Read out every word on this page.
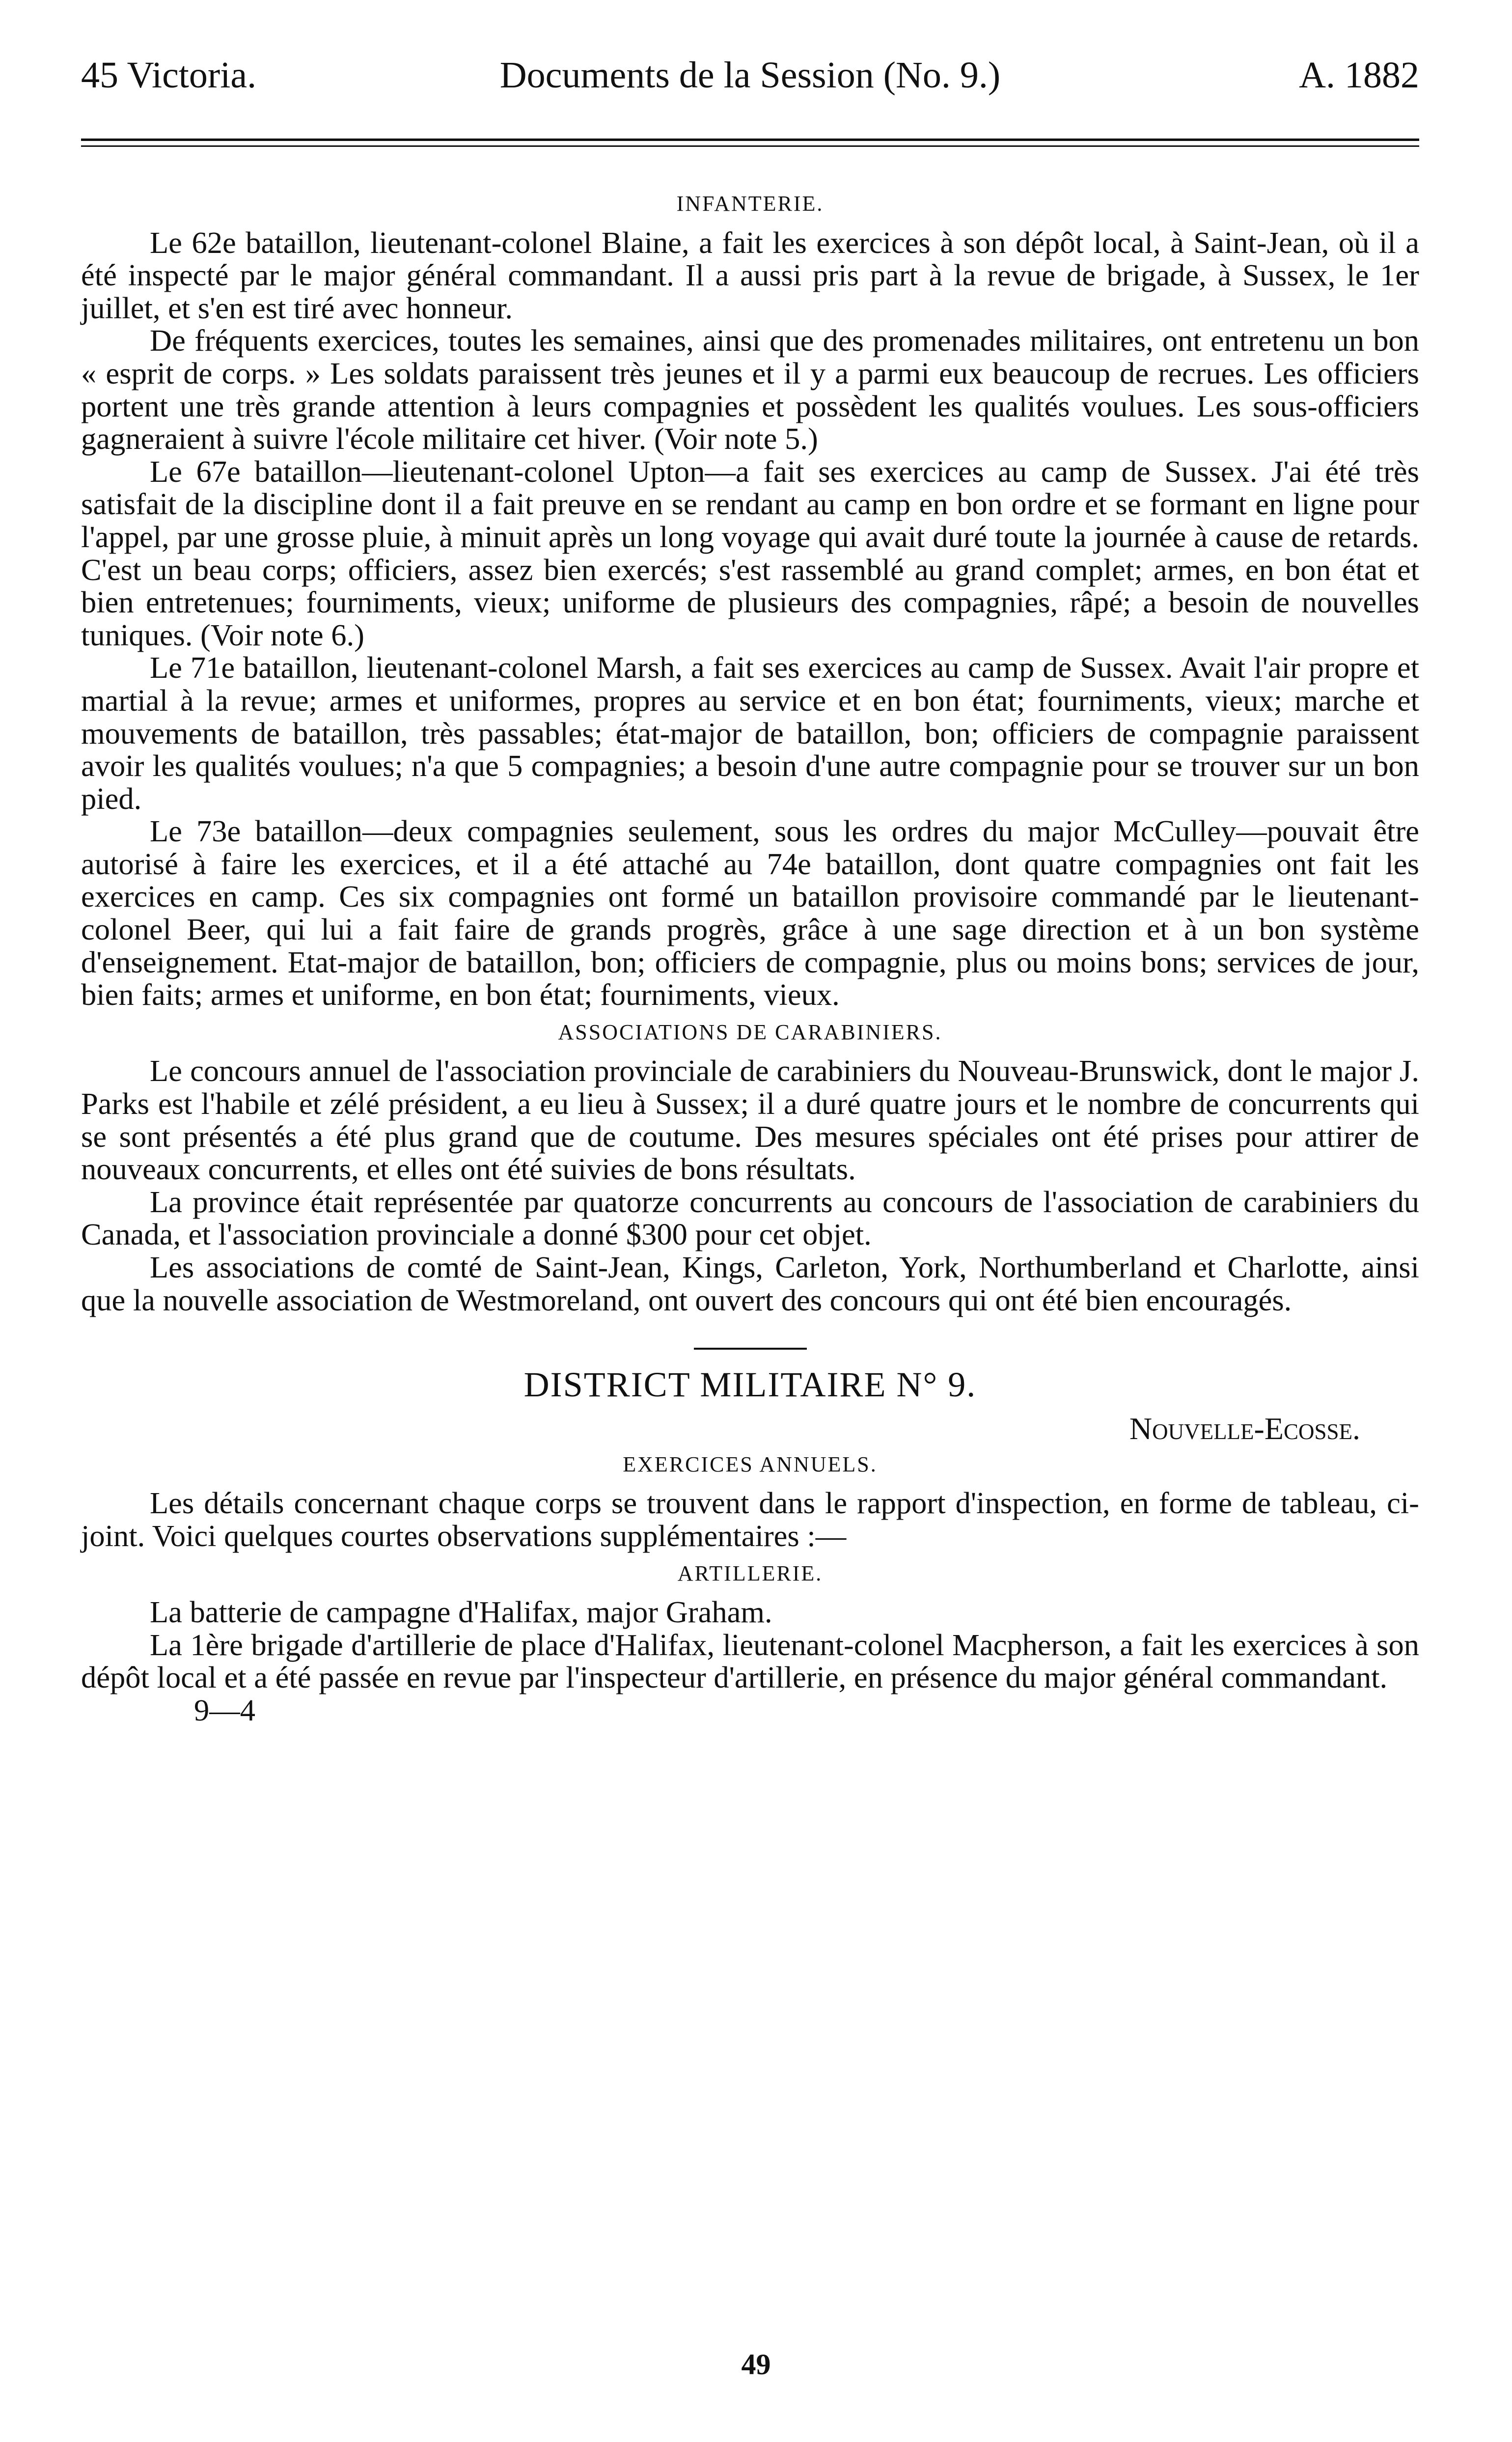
45 Victoria.	Documents de la Session (No. 9.)	A. 1882
INFANTERIE.

Le 62e bataillon, lieutenant-colonel Blaine, a fait les exercices à son dépôt local, à Saint-Jean, où il a été inspecté par le major général commandant. Il a aussi pris part à la revue de brigade, à Sussex, le 1er juillet, et s'en est tiré avec honneur.

De fréquents exercices, toutes les semaines, ainsi que des promenades militaires, ont entretenu un bon « esprit de corps. » Les soldats paraissent très jeunes et il y a parmi eux beaucoup de recrues. Les officiers portent une très grande attention à leurs compagnies et possèdent les qualités voulues. Les sous-officiers gagneraient à suivre l'école militaire cet hiver. (Voir note 5.)

Le 67e bataillon—lieutenant-colonel Upton—a fait ses exercices au camp de Sussex. J'ai été très satisfait de la discipline dont il a fait preuve en se rendant au camp en bon ordre et se formant en ligne pour l'appel, par une grosse pluie, à minuit après un long voyage qui avait duré toute la journée à cause de retards. C'est un beau corps; officiers, assez bien exercés; s'est rassemblé au grand complet; armes, en bon état et bien entretenues; fourniments, vieux; uniforme de plusieurs des compagnies, râpé; a besoin de nouvelles tuniques. (Voir note 6.)

Le 71e bataillon, lieutenant-colonel Marsh, a fait ses exercices au camp de Sussex. Avait l'air propre et martial à la revue; armes et uniformes, propres au service et en bon état; fourniments, vieux; marche et mouvements de bataillon, très passables; état-major de bataillon, bon; officiers de compagnie paraissent avoir les qualités voulues; n'a que 5 compagnies; a besoin d'une autre compagnie pour se trouver sur un bon pied.

Le 73e bataillon—deux compagnies seulement, sous les ordres du major McCulley—pouvait être autorisé à faire les exercices, et il a été attaché au 74e bataillon, dont quatre compagnies ont fait les exercices en camp. Ces six compagnies ont formé un bataillon provisoire commandé par le lieutenant-colonel Beer, qui lui a fait faire de grands progrès, grâce à une sage direction et à un bon système d'enseignement. Etat-major de bataillon, bon; officiers de compagnie, plus ou moins bons; services de jour, bien faits; armes et uniforme, en bon état; fourniments, vieux.

ASSOCIATIONS DE CARABINIERS.

Le concours annuel de l'association provinciale de carabiniers du Nouveau-Brunswick, dont le major J. Parks est l'habile et zélé président, a eu lieu à Sussex; il a duré quatre jours et le nombre de concurrents qui se sont présentés a été plus grand que de coutume. Des mesures spéciales ont été prises pour attirer de nouveaux concurrents, et elles ont été suivies de bons résultats.

La province était représentée par quatorze concurrents au concours de l'association de carabiniers du Canada, et l'association provinciale a donné $300 pour cet objet.

Les associations de comté de Saint-Jean, Kings, Carleton, York, Northumberland et Charlotte, ainsi que la nouvelle association de Westmoreland, ont ouvert des concours qui ont été bien encouragés.

DISTRICT MILITAIRE N° 9.
Nouvelle-Ecosse.
EXERCICES ANNUELS.

Les détails concernant chaque corps se trouvent dans le rapport d'inspection, en forme de tableau, ci-joint. Voici quelques courtes observations supplémentaires :—

ARTILLERIE.

La batterie de campagne d'Halifax, major Graham.

La 1ère brigade d'artillerie de place d'Halifax, lieutenant-colonel Macpherson, a fait les exercices à son dépôt local et a été passée en revue par l'inspecteur d'artillerie, en présence du major général commandant.

9—4

49
